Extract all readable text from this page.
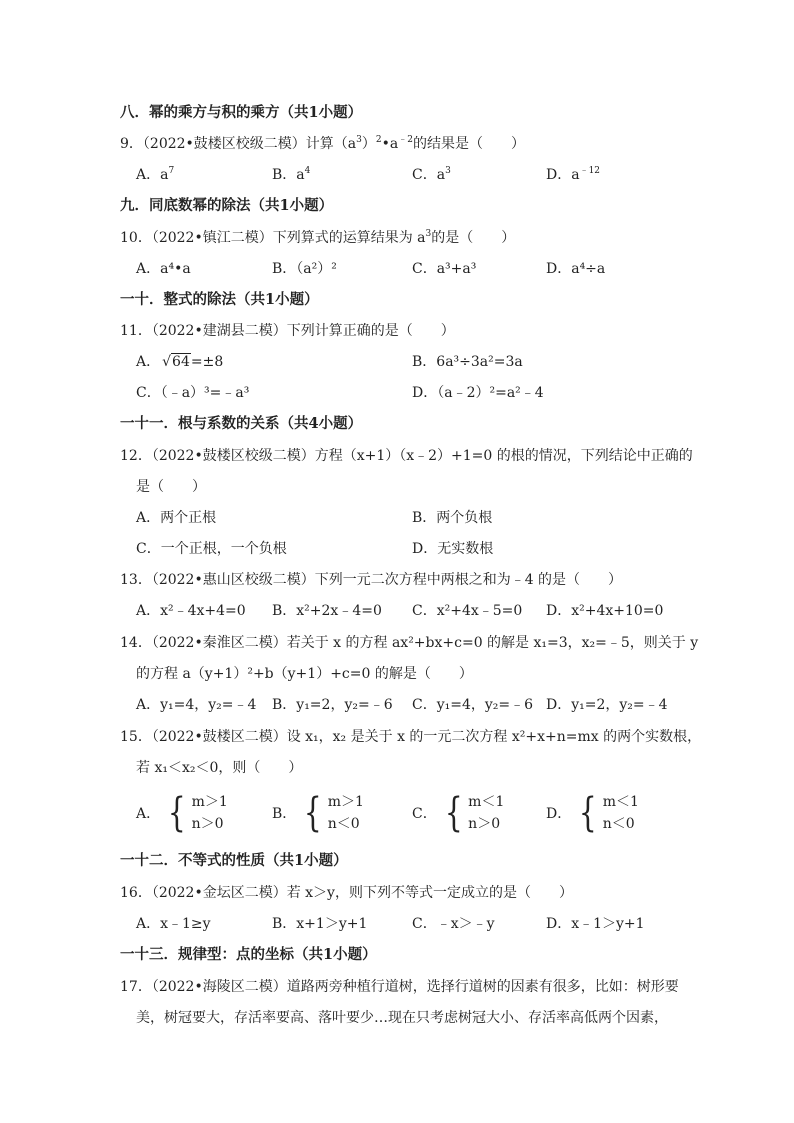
八．幂的乘方与积的乘方（共1小题）
9．（2022•鼓楼区校级二模）计算$(a^3)^2•a^{﹣2}$的结果是（　　）
A．$a^7$	B．$a^4$	C．$a^3$	D．$a^{﹣12}$
九．同底数幂的除法（共1小题）
10．（2022•镇江二模）下列算式的运算结果为 $a^3$的是（　　）
A．a⁴•a	B．（a²）²	C．a³+a³	D．a⁴÷a
一十．整式的除法（共1小题）
11．（2022•建湖县二模）下列计算正确的是（　　）
A． √64=±8	B．6a³÷3a²=3a
C．（﹣a）³=﹣a³	D．（a﹣2）²=a²﹣4
一十一．根与系数的关系（共4小题）
12．（2022•鼓楼区校级二模）方程（x+1）（x﹣2）+1=0 的根的情况，下列结论中正确的
是（　　）
A．两个正根	B．两个负根
C．一个正根，一个负根	D．无实数根
13．（2022•惠山区校级二模）下列一元二次方程中两根之和为﹣4 的是（　　）
A．x²﹣4x+4=0 B．x²+2x﹣4=0 C．x²+4x﹣5=0 D．x²+4x+10=0
14．（2022•秦淮区二模）若关于 x 的方程 ax²+bx+c=0 的解是 x₁=3，x₂=﹣5，则关于 y
的方程 a（y+1）²+b（y+1）+c=0 的解是（　　）
A．y₁=4，y₂=﹣4 B．y₁=2，y₂=﹣6 C．y₁=4，y₂=﹣6 D．y₁=2，y₂=﹣4
15．（2022•鼓楼区二模）设 x₁，x₂ 是关于 x 的一元二次方程 x²+x+n=mx 的两个实数根，
若 x₁＜x₂＜0，则（　　）
A． { m＞1
n＞0
B． { m＞1
n＜0
C． { m＜1
n＞0
D． { m＜1
n＜0
一十二．不等式的性质（共1小题）
16．（2022•金坛区二模）若 x＞y，则下列不等式一定成立的是（　　）
A．x﹣1≥y	B．x+1＞y+1	C．﹣x＞﹣y	D．x﹣1＞y+1
一十三．规律型：点的坐标（共1小题）
17．（2022•海陵区二模）道路两旁种植行道树，选择行道树的因素有很多，比如：树形要
美，树冠要大，存活率要高、落叶要少…现在只考虑树冠大小、存活率高低两个因素，
